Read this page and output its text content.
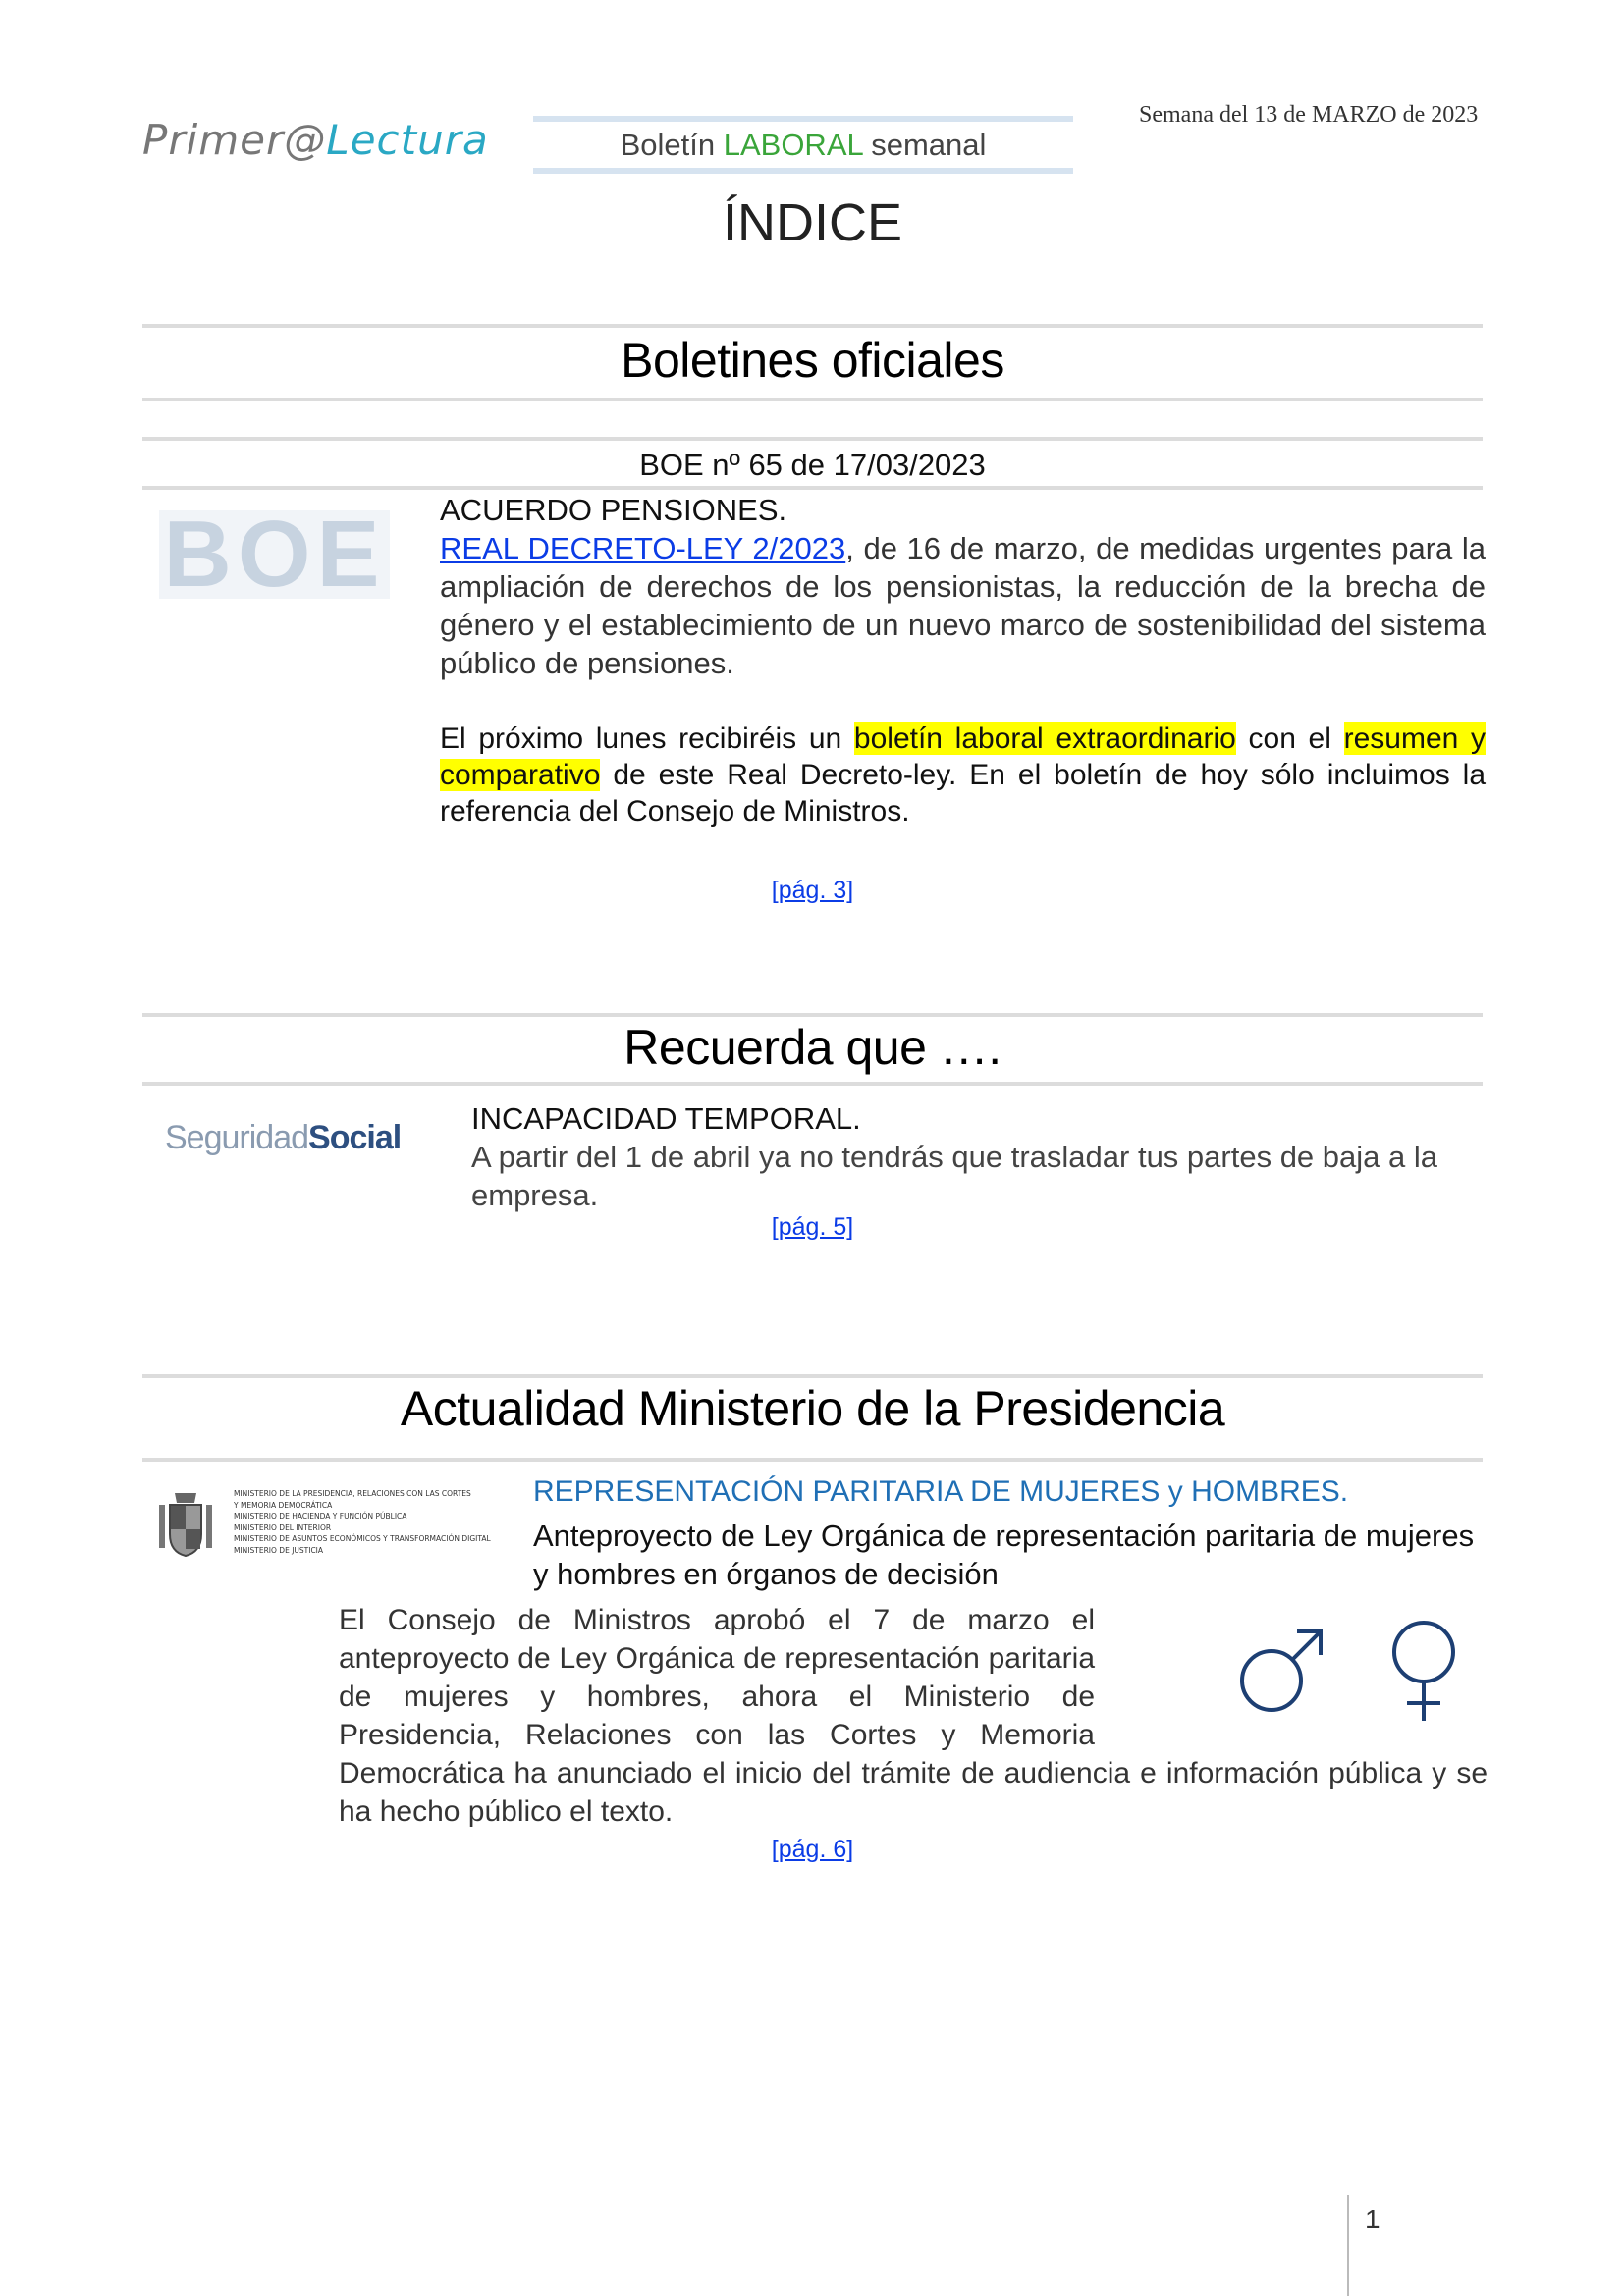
Primer@Lectura	Boletín LABORAL semanal
Semana del 13 de MARZO de 2023
ÍNDICE
Boletines oficiales
BOE nº 65 de 17/03/2023
BOE ACUERDO PENSIONES.
REAL DECRETO-LEY 2/2023, de 16 de marzo, de medidas urgentes para la ampliación de derechos de los pensionistas, la reducción de la brecha de género y el establecimiento de un nuevo marco de sostenibilidad del sistema público de pensiones.
El próximo lunes recibiréis un boletín laboral extraordinario con el resumen y comparativo de este Real Decreto-ley. En el boletín de hoy sólo incluimos la referencia del Consejo de Ministros.
[pág. 3]
Recuerda que ….
SeguridadSocial
INCAPACIDAD TEMPORAL.
A partir del 1 de abril ya no tendrás que trasladar tus partes de baja a la empresa.
[pág. 5]
Actualidad Ministerio de la Presidencia
MINISTERIO DE LA PRESIDENCIA, RELACIONES CON LAS CORTES
Y MEMORIA DEMOCRÁTICA
MINISTERIO DE HACIENDA Y FUNCIÓN PÚBLICA
MINISTERIO DEL INTERIOR
MINISTERIO DE ASUNTOS ECONÓMICOS Y TRANSFORMACIÓN DIGITAL
MINISTERIO DE JUSTICIA
REPRESENTACIÓN PARITARIA DE MUJERES y HOMBRES.
Anteproyecto de Ley Orgánica de representación paritaria de mujeres y hombres en órganos de decisión
El Consejo de Ministros aprobó el 7 de marzo el anteproyecto de Ley Orgánica de representación paritaria de mujeres y hombres, ahora el Ministerio de Presidencia, Relaciones con las Cortes y Memoria Democrática ha anunciado el inicio del trámite de audiencia e información pública y se ha hecho público el texto.
[pág. 6]
1
